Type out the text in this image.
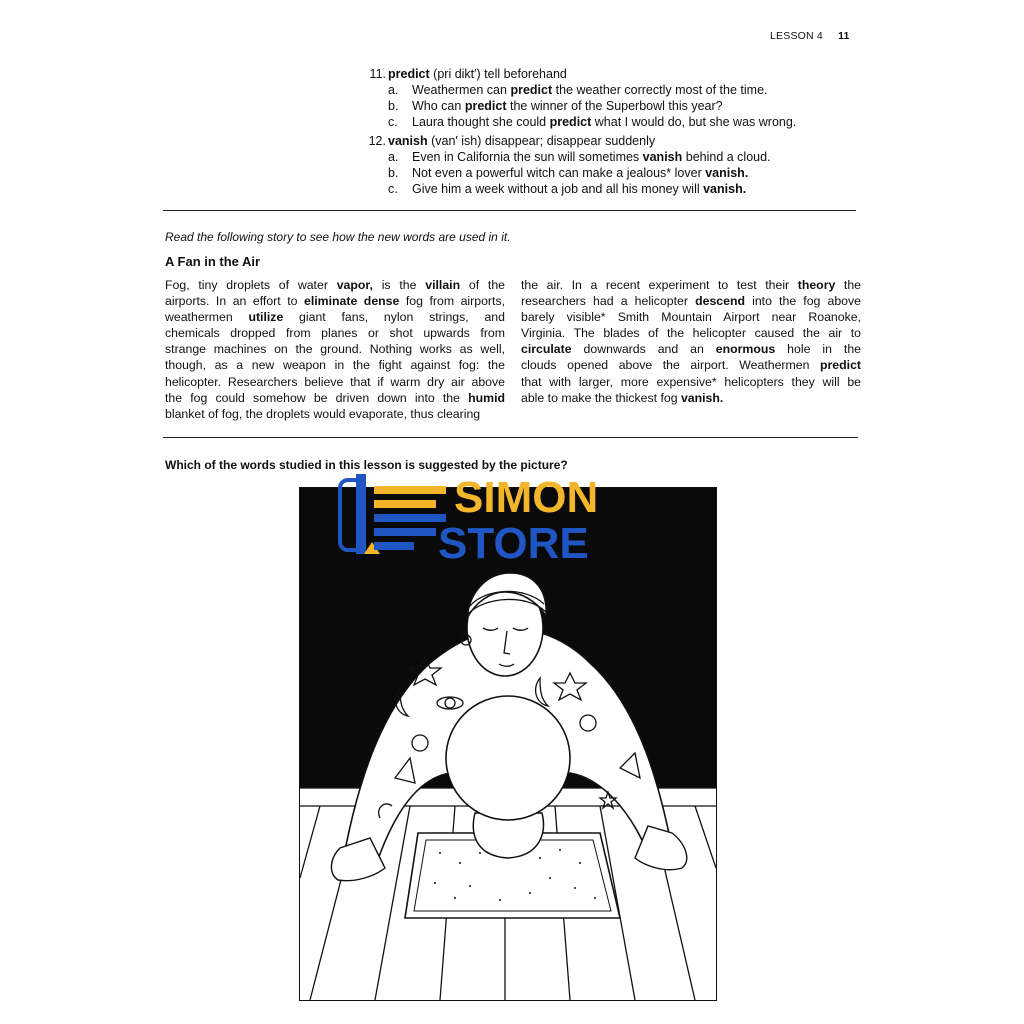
LESSON 4 11
11. predict (pri dikt′) tell beforehand
a. Weathermen can predict the weather correctly most of the time.
b. Who can predict the winner of the Superbowl this year?
c. Laura thought she could predict what I would do, but she was wrong.
12. vanish (van′ ish) disappear; disappear suddenly
a. Even in California the sun will sometimes vanish behind a cloud.
b. Not even a powerful witch can make a jealous* lover vanish.
c. Give him a week without a job and all his money will vanish.
Read the following story to see how the new words are used in it.
A Fan in the Air
Fog, tiny droplets of water vapor, is the villain of the
airports. In an effort to eliminate dense fog from airports,
weathermen utilize giant fans, nylon strings, and
chemicals dropped from planes or shot upwards from
strange machines on the ground. Nothing works as well,
though, as a new weapon in the fight against fog: the
helicopter. Researchers believe that if warm dry air above
the fog could somehow be driven down into the humid
blanket of fog, the droplets would evaporate, thus clearing
the air. In a recent experiment to test their theory the
researchers had a helicopter descend into the fog above
barely visible* Smith Mountain Airport near Roanoke,
Virginia. The blades of the helicopter caused the air to
circulate downwards and an enormous hole in the
clouds opened above the airport. Weathermen predict
that with larger, more expensive* helicopters they will be
able to make the thickest fog vanish.
Which of the words studied in this lesson is suggested by the picture?
SIMON
STORE
